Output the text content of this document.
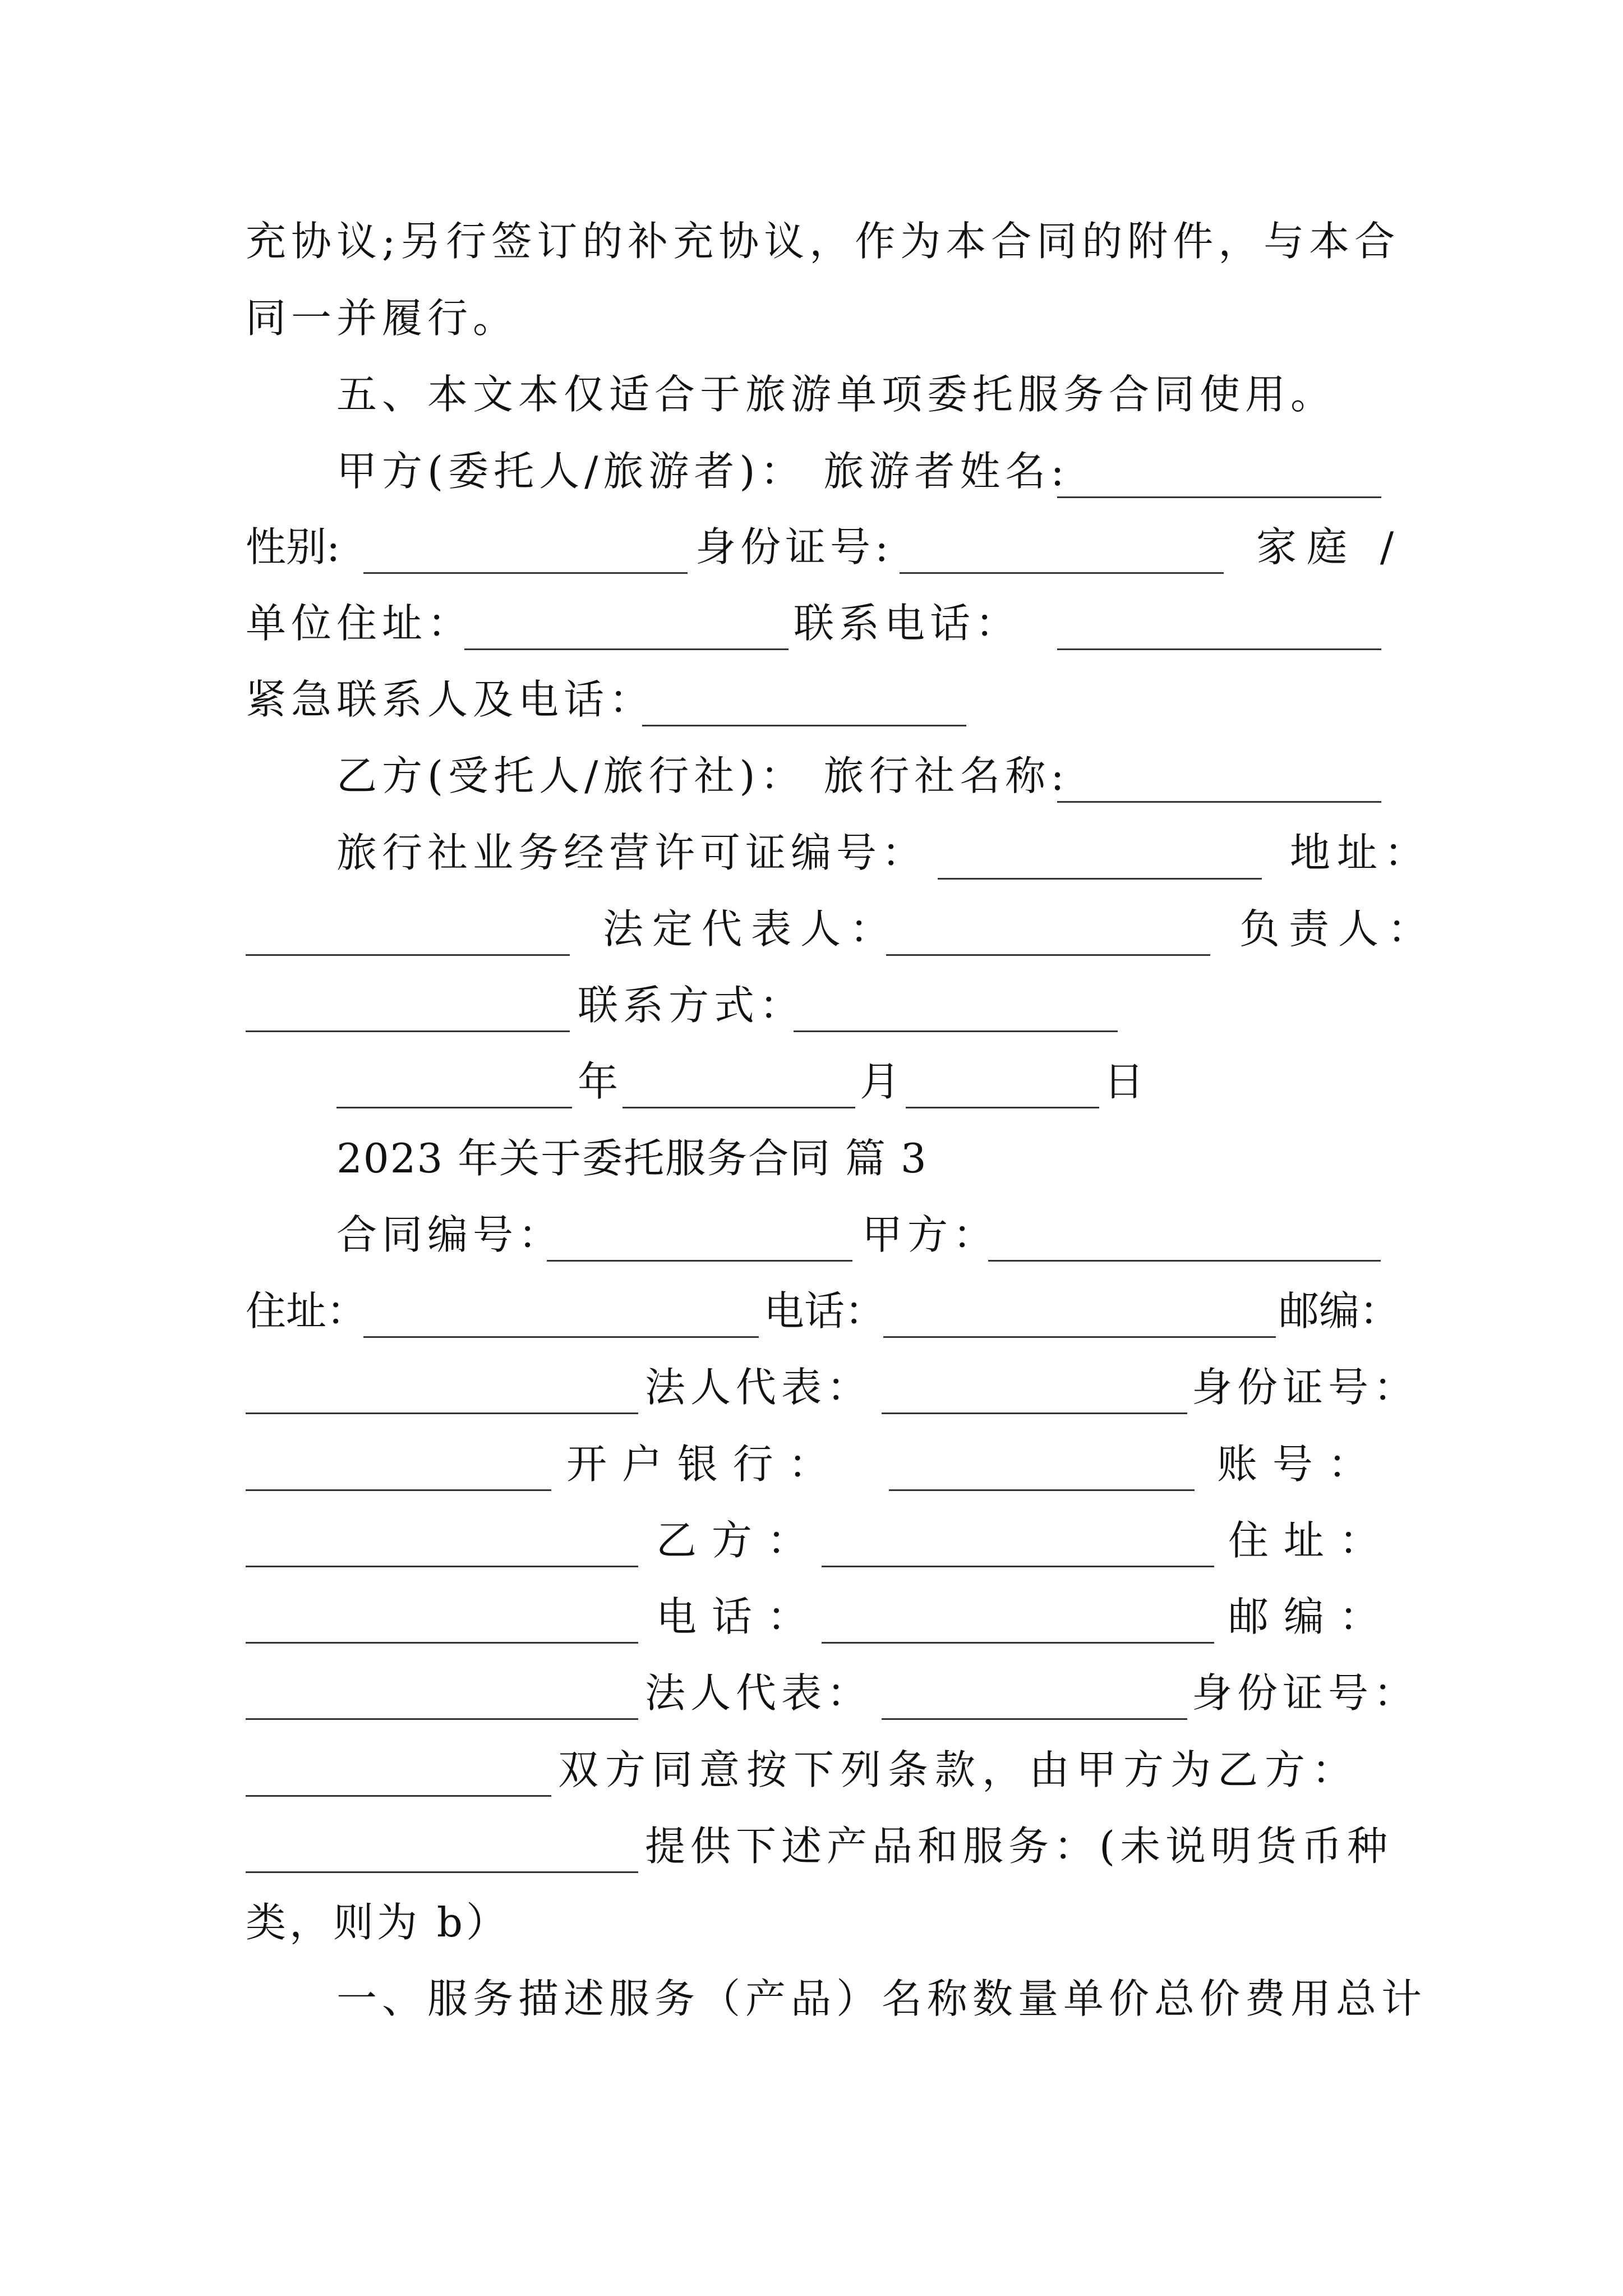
充协议;另行签订的补充协议，作为本合同的附件，与本合
同一并履行。
五、本文本仅适合于旅游单项委托服务合同使用。
甲方(委托人/旅游者)： 旅游者姓名:
性别:	身份证号:	家庭 /
单位住址：	联系电话：
紧急联系人及电话：
乙方(受托人/旅行社)： 旅行社名称:
旅行社业务经营许可证编号：	地址：
法定代表人：	负责人：
联系方式：
年	月	日
2023 年关于委托服务合同 篇 3
合同编号：	甲方：
住址：	电话：	邮编：
法人代表：	身份证号：
开 户 银 行 ：	账 号 ：
乙 方 ：	住 址 ：
电 话 ：	邮 编 ：
法人代表：	身份证号：
双方同意按下列条款，由甲方为乙方：
提供下述产品和服务：(未说明货币种
类，则为 b）
一、服务描述服务（产品）名称数量单价总价费用总计
